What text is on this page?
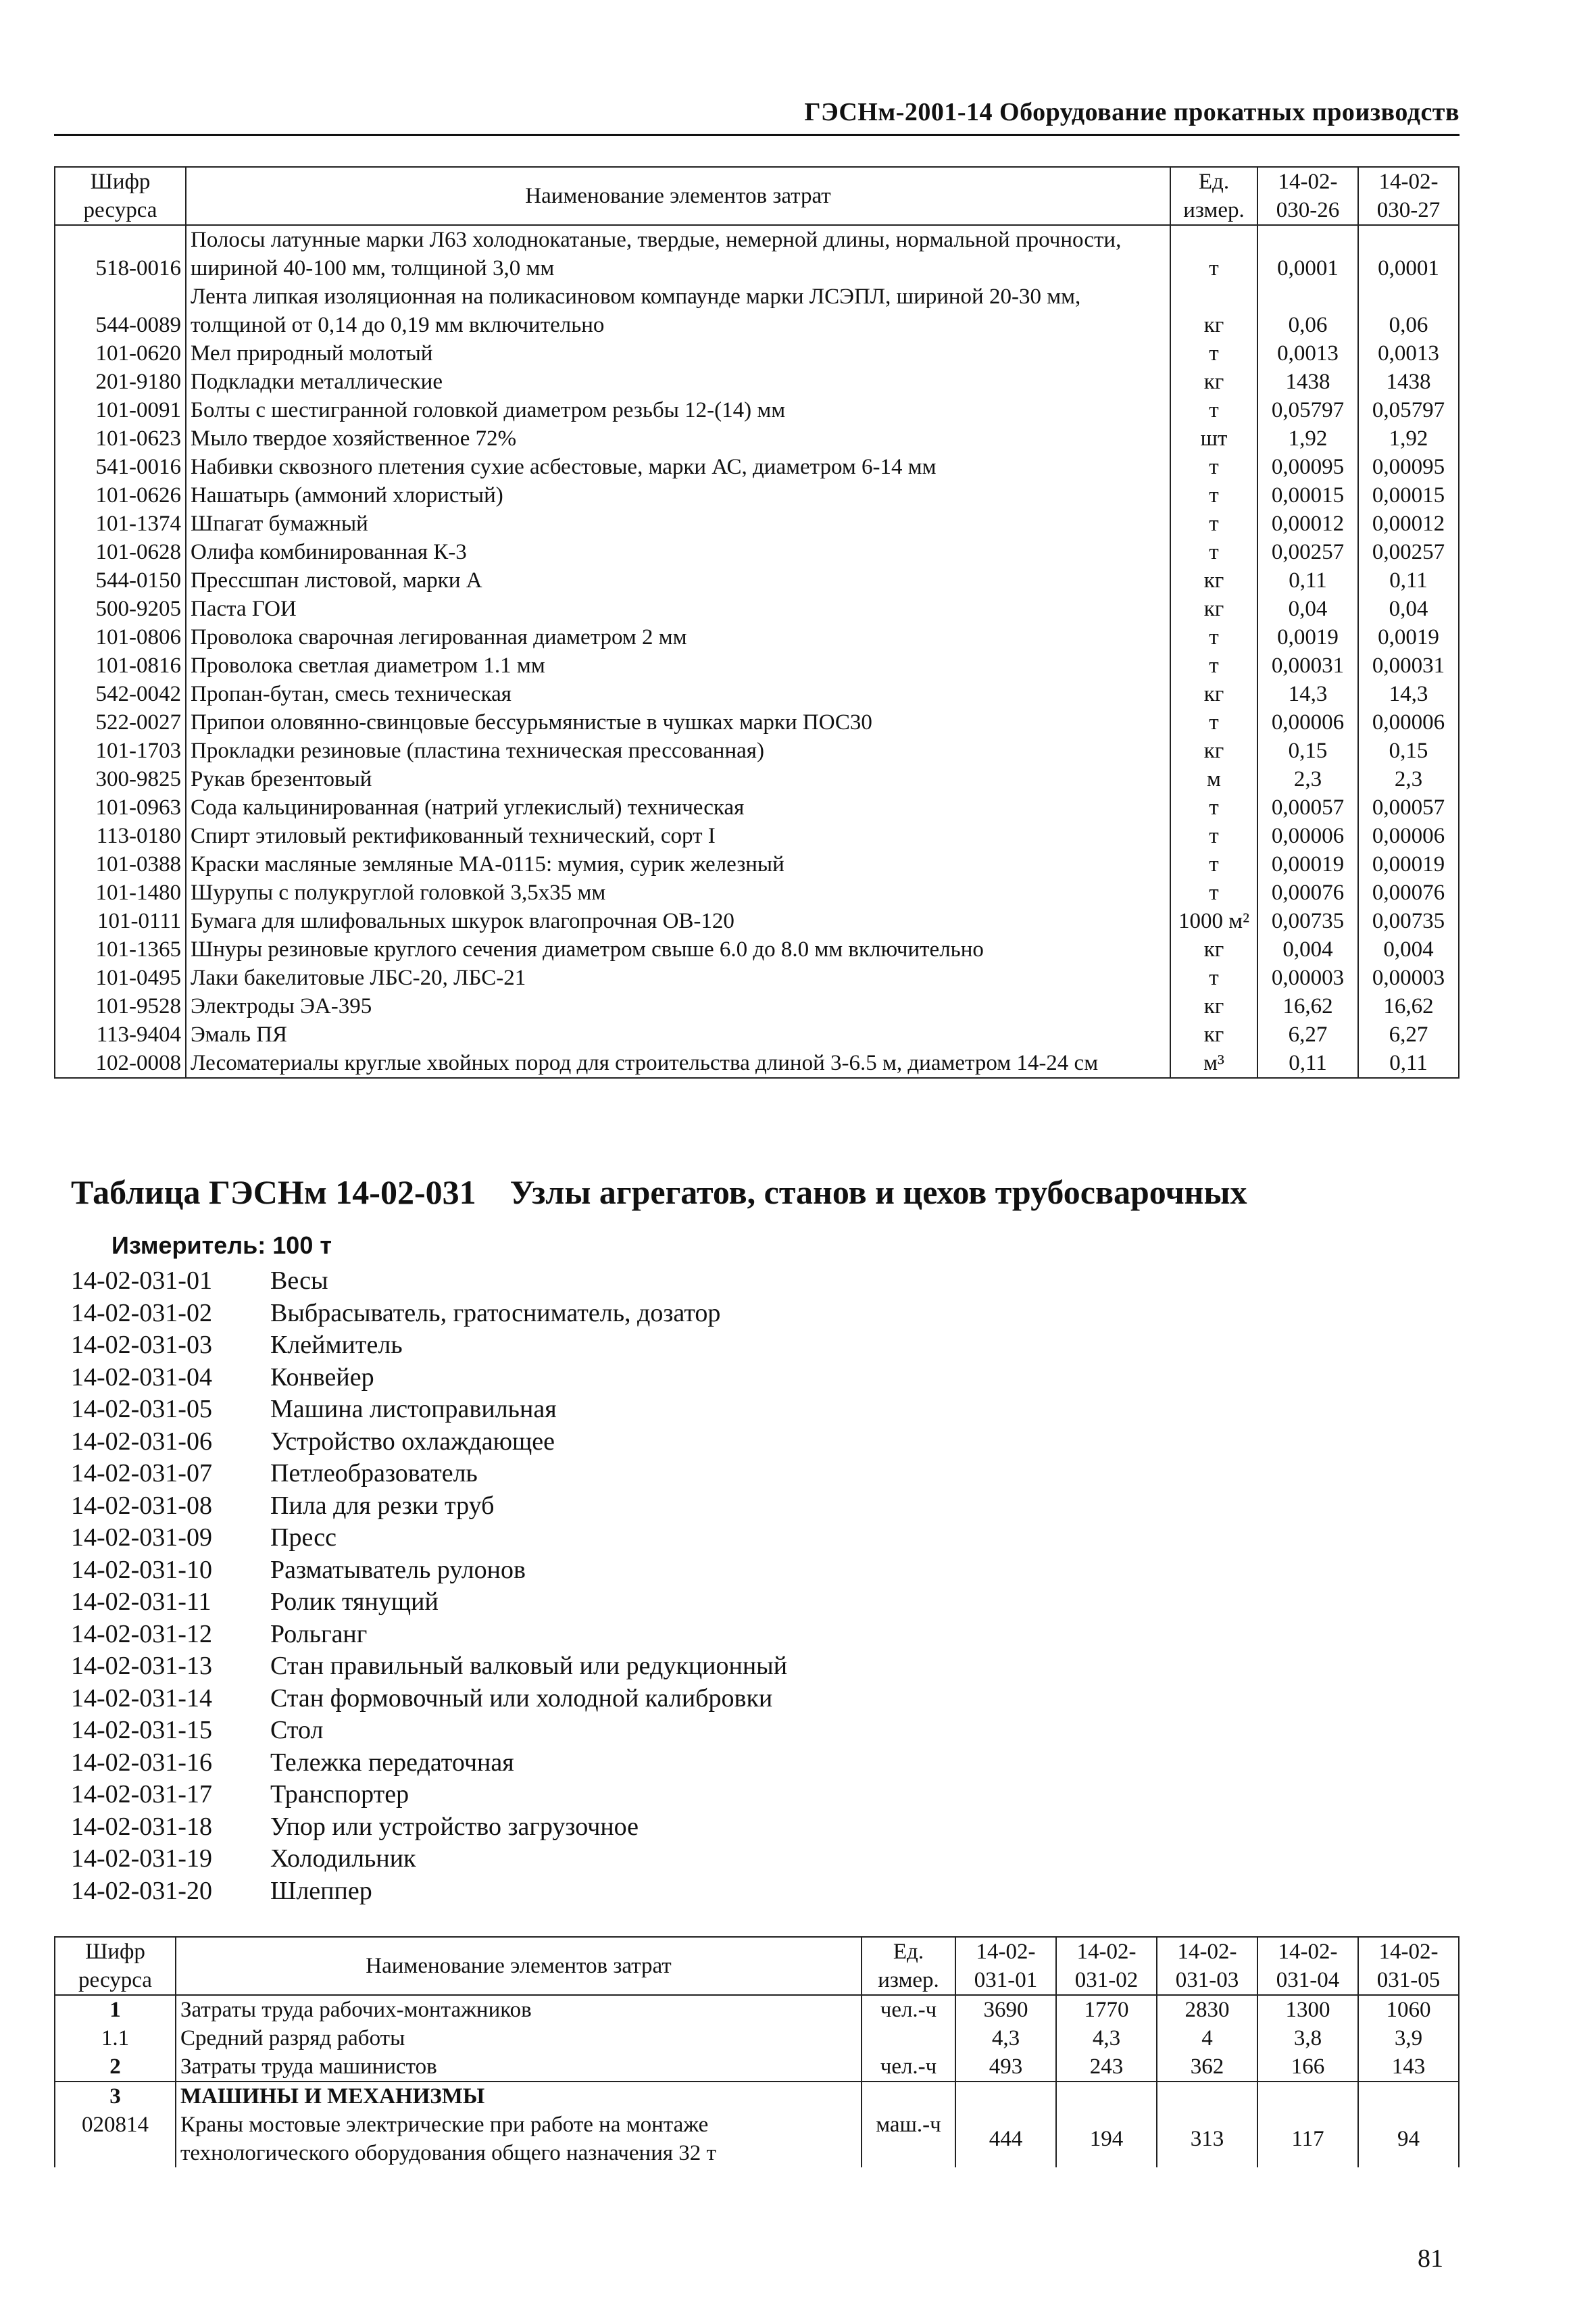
ГЭСНм-2001-14 Оборудование прокатных производств
Шифр ресурса	Наименование элементов затрат	Ед. измер.	14-02-030-26	14-02-030-27
518-0016	Полосы латунные марки Л63 холоднокатаные, твердые, немерной длины, нормальной прочности, шириной 40-100 мм, толщиной 3,0 мм	т	0,0001	0,0001
544-0089	Лента липкая изоляционная на поликасиновом компаунде марки ЛСЭПЛ, шириной 20-30 мм, толщиной от 0,14 до 0,19 мм включительно	кг	0,06	0,06
101-0620	Мел природный молотый	т	0,0013	0,0013
201-9180	Подкладки металлические	кг	1438	1438
101-0091	Болты с шестигранной головкой диаметром резьбы 12-(14) мм	т	0,05797	0,05797
101-0623	Мыло твердое хозяйственное 72%	шт	1,92	1,92
541-0016	Набивки сквозного плетения сухие асбестовые, марки АС, диаметром 6-14 мм	т	0,00095	0,00095
101-0626	Нашатырь (аммоний хлористый)	т	0,00015	0,00015
101-1374	Шпагат бумажный	т	0,00012	0,00012
101-0628	Олифа комбинированная К-3	т	0,00257	0,00257
544-0150	Прессшпан листовой, марки А	кг	0,11	0,11
500-9205	Паста ГОИ	кг	0,04	0,04
101-0806	Проволока сварочная легированная диаметром 2 мм	т	0,0019	0,0019
101-0816	Проволока светлая диаметром 1.1 мм	т	0,00031	0,00031
542-0042	Пропан-бутан, смесь техническая	кг	14,3	14,3
522-0027	Припои оловянно-свинцовые бессурьмянистые в чушках марки ПОС30	т	0,00006	0,00006
101-1703	Прокладки резиновые (пластина техническая прессованная)	кг	0,15	0,15
300-9825	Рукав брезентовый	м	2,3	2,3
101-0963	Сода кальцинированная (натрий углекислый) техническая	т	0,00057	0,00057
113-0180	Спирт этиловый ректификованный технический, сорт I	т	0,00006	0,00006
101-0388	Краски масляные земляные МА-0115: мумия, сурик железный	т	0,00019	0,00019
101-1480	Шурупы с полукруглой головкой 3,5х35 мм	т	0,00076	0,00076
101-0111	Бумага для шлифовальных шкурок влагопрочная ОВ-120	1000 м²	0,00735	0,00735
101-1365	Шнуры резиновые круглого сечения диаметром свыше 6.0 до 8.0 мм включительно	кг	0,004	0,004
101-0495	Лаки бакелитовые ЛБС-20, ЛБС-21	т	0,00003	0,00003
101-9528	Электроды ЭА-395	кг	16,62	16,62
113-9404	Эмаль ПЯ	кг	6,27	6,27
102-0008	Лесоматериалы круглые хвойных пород для строительства длиной 3-6.5 м, диаметром 14-24 см	м³	0,11	0,11
Таблица ГЭСНм 14-02-031 Узлы агрегатов, станов и цехов трубосварочных
Измеритель: 100 т
14-02-031-01	Весы
14-02-031-02	Выбрасыватель, гратосниматель, дозатор
14-02-031-03	Клеймитель
14-02-031-04	Конвейер
14-02-031-05	Машина листоправильная
14-02-031-06	Устройство охлаждающее
14-02-031-07	Петлеобразователь
14-02-031-08	Пила для резки труб
14-02-031-09	Пресс
14-02-031-10	Разматыватель рулонов
14-02-031-11	Ролик тянущий
14-02-031-12	Рольганг
14-02-031-13	Стан правильный валковый или редукционный
14-02-031-14	Стан формовочный или холодной калибровки
14-02-031-15	Стол
14-02-031-16	Тележка передаточная
14-02-031-17	Транспортер
14-02-031-18	Упор или устройство загрузочное
14-02-031-19	Холодильник
14-02-031-20	Шлеппер
Шифр ресурса	Наименование элементов затрат	Ед. измер.	14-02-031-01	14-02-031-02	14-02-031-03	14-02-031-04	14-02-031-05
1	Затраты труда рабочих-монтажников	чел.-ч	3690	1770	2830	1300	1060
1.1	Средний разряд работы		4,3	4,3	4	3,8	3,9
2	Затраты труда машинистов	чел.-ч	493	243	362	166	143
3	МАШИНЫ И МЕХАНИЗМЫ						
020814	Краны мостовые электрические при работе на монтаже технологического оборудования общего назначения 32 т	маш.-ч	444	194	313	117	94
81
